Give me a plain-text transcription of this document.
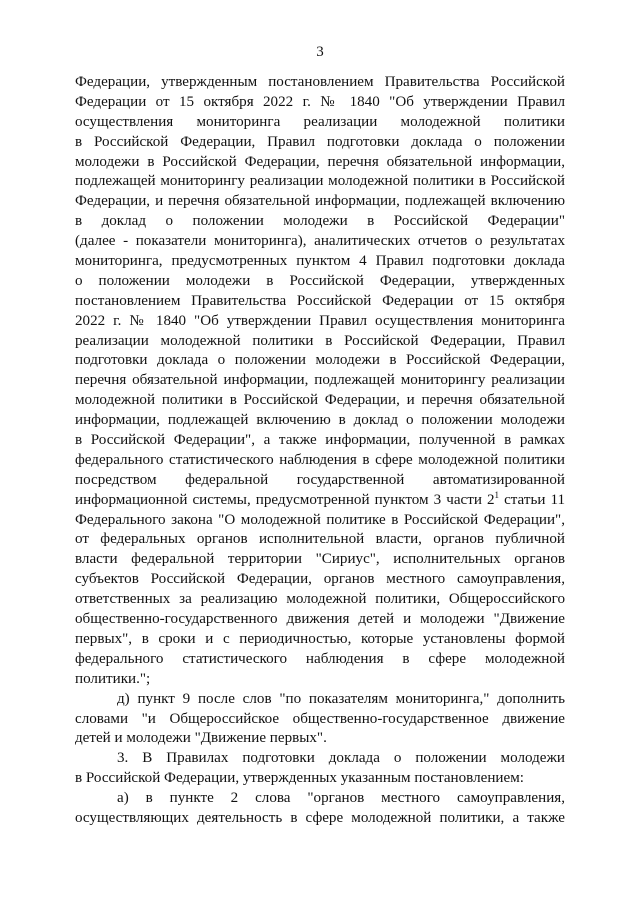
3
Федерации, утвержденным постановлением Правительства Российской
Федерации от 15 октября 2022 г. № 1840 "Об утверждении Правил
осуществления мониторинга реализации молодежной политики
в Российской Федерации, Правил подготовки доклада о положении
молодежи в Российской Федерации, перечня обязательной информации,
подлежащей мониторингу реализации молодежной политики в Российской
Федерации, и перечня обязательной информации, подлежащей включению
в доклад о положении молодежи в Российской Федерации"
(далее - показатели мониторинга), аналитических отчетов о результатах
мониторинга, предусмотренных пунктом 4 Правил подготовки доклада
о положении молодежи в Российской Федерации, утвержденных
постановлением Правительства Российской Федерации от 15 октября
2022 г. № 1840 "Об утверждении Правил осуществления мониторинга
реализации молодежной политики в Российской Федерации, Правил
подготовки доклада о положении молодежи в Российской Федерации,
перечня обязательной информации, подлежащей мониторингу реализации
молодежной политики в Российской Федерации, и перечня обязательной
информации, подлежащей включению в доклад о положении молодежи
в Российской Федерации", а также информации, полученной в рамках
федерального статистического наблюдения в сфере молодежной политики
посредством федеральной государственной автоматизированной
информационной системы, предусмотренной пунктом 3 части $2^1$ статьи 11
Федерального закона "О молодежной политике в Российской Федерации",
от федеральных органов исполнительной власти, органов публичной
власти федеральной территории "Сириус", исполнительных органов
субъектов Российской Федерации, органов местного самоуправления,
ответственных за реализацию молодежной политики, Общероссийского
общественно-государственного движения детей и молодежи "Движение
первых", в сроки и с периодичностью, которые установлены формой
федерального статистического наблюдения в сфере молодежной
политики.";
д) пункт 9 после слов "по показателям мониторинга," дополнить
словами "и Общероссийское общественно-государственное движение
детей и молодежи "Движение первых".
3. В Правилах подготовки доклада о положении молодежи
в Российской Федерации, утвержденных указанным постановлением:
а) в пункте 2 слова "органов местного самоуправления,
осуществляющих деятельность в сфере молодежной политики, а также
